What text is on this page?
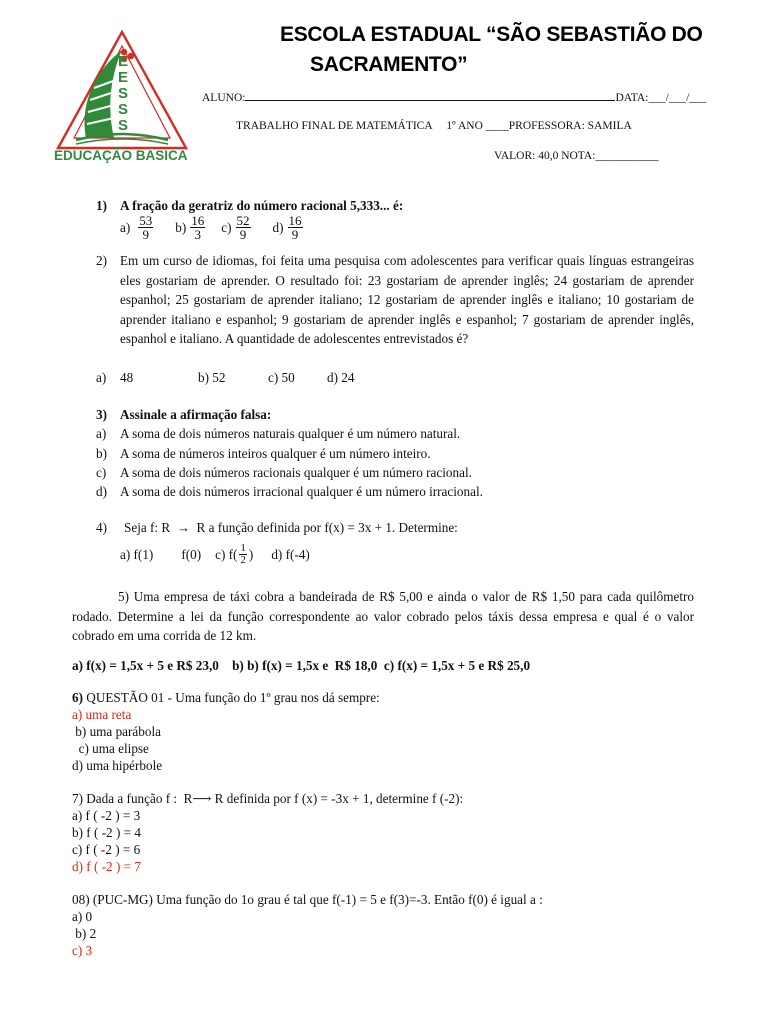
E
E
S
S
S
EDUCAÇÃO BÁSICA
ESCOLA ESTADUAL “SÃO SEBASTIÃO DO
SACRAMENTO”
ALUNO:	DATA:___/___/___
TRABALHO FINAL DE MATEMÁTICA     1º ANO ____PROFESSORA: SAMILA
VALOR: 40,0 NOTA:___________
1) A fração da geratriz do número racional 5,333... é:
$a) \frac{53}{9} b) \frac{16}{3} c) \frac{52}{9} d) \frac{16}{9}$
2) Em um curso de idiomas, foi feita uma pesquisa com adolescentes para verificar quais línguas estrangeiras eles gostariam de aprender. O resultado foi: 23 gostariam de aprender inglês; 24 gostariam de aprender espanhol; 25 gostariam de aprender italiano; 12 gostariam de aprender inglês e italiano; 10 gostariam de aprender italiano e espanhol; 9 gostariam de aprender inglês e espanhol; 7 gostariam de aprender inglês, espanhol e italiano. A quantidade de adolescentes entrevistados é?
a) 48	b) 52	c) 50 d) 24
3) Assinale a afirmação falsa:
a) A soma de dois números naturais qualquer é um número natural.
b) A soma de números inteiros qualquer é um número inteiro.
c) A soma de dois números racionais qualquer é um número racional.
d) A soma de dois números irracional qualquer é um número irracional.
4) Seja f: R  →  R a função definida por f(x) = 3x + 1. Determine:
a) f(1) f(0) c) $f( \frac{1}{2}$ ) d) f(-4)
5) Uma empresa de táxi cobra a bandeirada de R$ 5,00 e ainda o valor de R$ 1,50 para cada quilômetro rodado. Determine a lei da função correspondente ao valor cobrado pelos táxis dessa empresa e qual é o valor cobrado em uma corrida de 12 km.
a) f(x) = 1,5x + 5 e R$ 23,0    b) b) f(x) = 1,5x e  R$ 18,0  c) f(x) = 1,5x + 5 e R$ 25,0
6) QUESTÃO 01 - Uma função do 1º grau nos dá sempre:
a) uma reta
b) uma parábola
c) uma elipse
d) uma hipérbole
7) Dada a função f :  R⟶ R definida por f (x) = -3x + 1, determine f (-2):
a) f ( -2 ) = 3
b) f ( -2 ) = 4
c) f ( -2 ) = 6
d) f ( -2 ) = 7
08) (PUC-MG) Uma função do 1o grau é tal que f(-1) = 5 e f(3)=-3. Então f(0) é igual a :
a) 0
b) 2
c) 3
